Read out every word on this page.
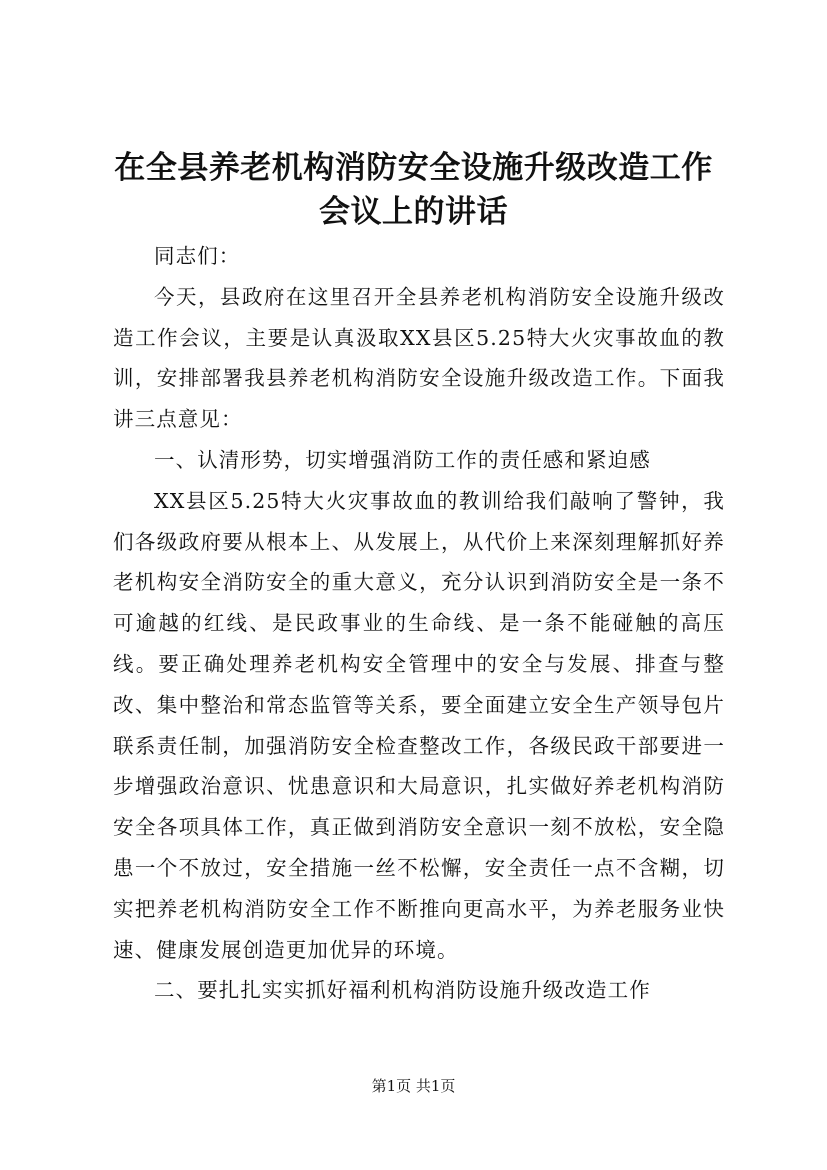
在全县养老机构消防安全设施升级改造工作会议上的讲话

同志们：

今天，县政府在这里召开全县养老机构消防安全设施升级改造工作会议，主要是认真汲取XX县区5.25特大火灾事故血的教训，安排部署我县养老机构消防安全设施升级改造工作。下面我讲三点意见：

一、认清形势，切实增强消防工作的责任感和紧迫感

XX县区5.25特大火灾事故血的教训给我们敲响了警钟，我们各级政府要从根本上、从发展上，从代价上来深刻理解抓好养老机构安全消防安全的重大意义，充分认识到消防安全是一条不可逾越的红线、是民政事业的生命线、是一条不能碰触的高压线。要正确处理养老机构安全管理中的安全与发展、排查与整改、集中整治和常态监管等关系，要全面建立安全生产领导包片联系责任制，加强消防安全检查整改工作，各级民政干部要进一步增强政治意识、忧患意识和大局意识，扎实做好养老机构消防安全各项具体工作，真正做到消防安全意识一刻不放松，安全隐患一个不放过，安全措施一丝不松懈，安全责任一点不含糊，切实把养老机构消防安全工作不断推向更高水平，为养老服务业快速、健康发展创造更加优异的环境。

二、要扎扎实实抓好福利机构消防设施升级改造工作

第1页 共1页
